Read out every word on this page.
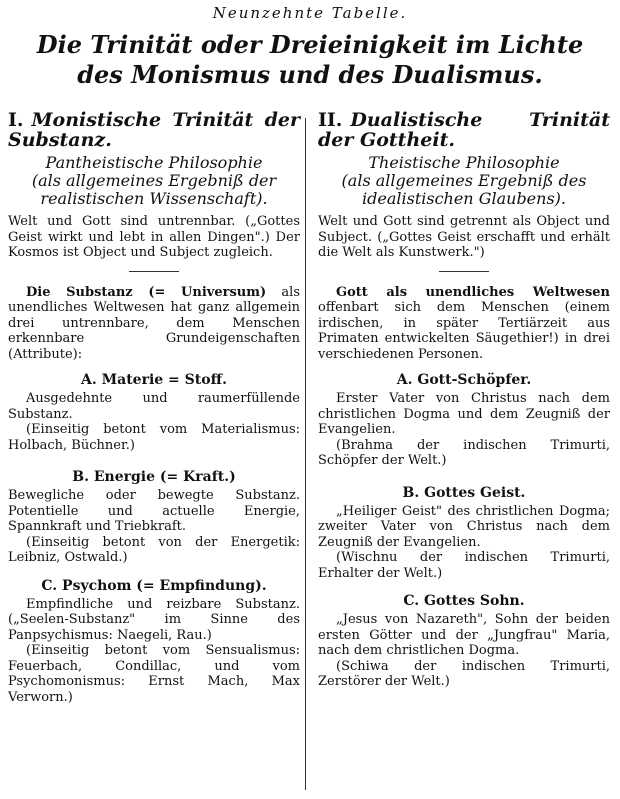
Neunzehnte Tabelle.
Die Trinität oder Dreieinigkeit im Lichte des Monismus und des Dualismus.
I. Monistische Trinität der Substanz.
Pantheistische Philosophie
(als allgemeines Ergebniß der realistischen Wissenschaft).
Welt und Gott sind untrennbar. („Gottes Geist wirkt und lebt in allen Dingen".) Der Kosmos ist Object und Subject zugleich.
Die Substanz (= Universum) als unendliches Weltwesen hat ganz allgemein drei untrennbare, dem Menschen erkennbare Grundeigenschaften (Attribute):
A. Materie = Stoff.
Ausgedehnte und raumerfüllende Substanz.
(Einseitig betont vom Materialismus: Holbach, Büchner.)
B. Energie (= Kraft.)
Bewegliche oder bewegte Substanz. Potentielle und actuelle Energie, Spannkraft und Triebkraft.
(Einseitig betont von der Energetik: Leibniz, Ostwald.)
C. Psychom (= Empfindung).
Empfindliche und reizbare Substanz. („Seelen-Substanz" im Sinne des Panpsychismus: Naegeli, Rau.)
(Einseitig betont vom Sensualismus: Feuerbach, Condillac, und vom Psychomonismus: Ernst Mach, Max Verworn.)
II. Dualistische Trinität der Gottheit.
Theistische Philosophie
(als allgemeines Ergebniß des idealistischen Glaubens).
Welt und Gott sind getrennt als Object und Subject. („Gottes Geist erschafft und erhält die Welt als Kunstwerk.")
Gott als unendliches Weltwesen offenbart sich dem Menschen (einem irdischen, in später Tertiärzeit aus Primaten entwickelten Säugethier!) in drei verschiedenen Personen.
A. Gott-Schöpfer.
Erster Vater von Christus nach dem christlichen Dogma und dem Zeugniß der Evangelien.
(Brahma der indischen Trimurti, Schöpfer der Welt.)
B. Gottes Geist.
„Heiliger Geist" des christlichen Dogma; zweiter Vater von Christus nach dem Zeugniß der Evangelien.
(Wischnu der indischen Trimurti, Erhalter der Welt.)
C. Gottes Sohn.
„Jesus von Nazareth", Sohn der beiden ersten Götter und der „Jungfrau" Maria, nach dem christlichen Dogma.
(Schiwa der indischen Trimurti, Zerstörer der Welt.)
